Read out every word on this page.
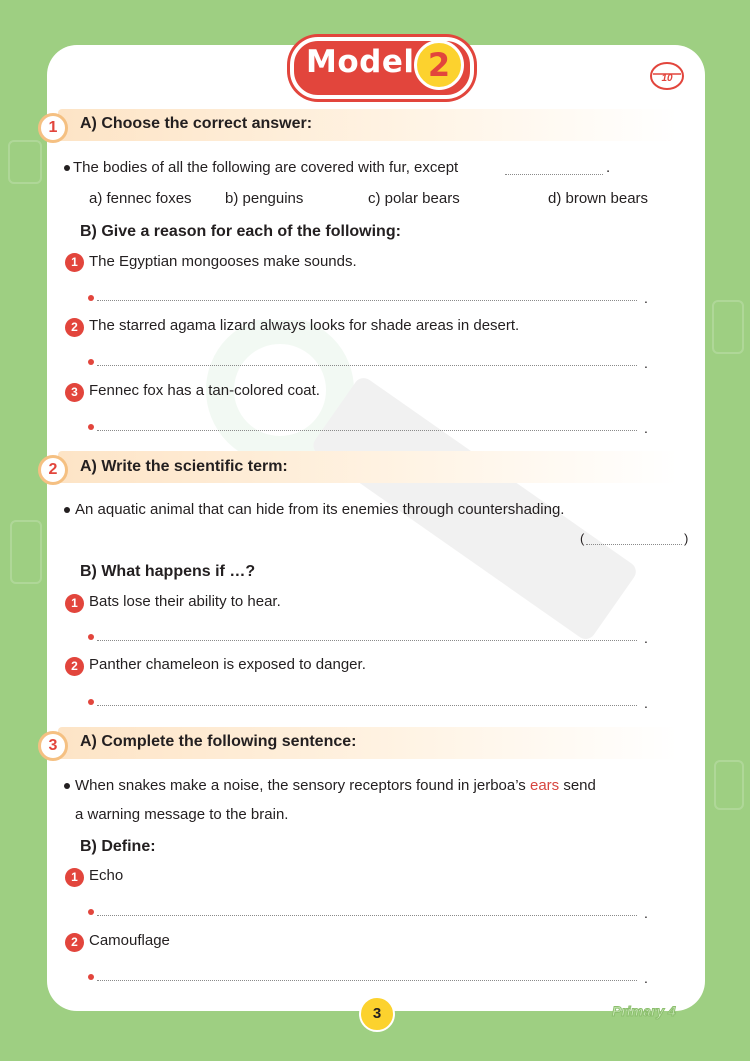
Model 2	10
1	A) Choose the correct answer:
The bodies of all the following are covered with fur, except	.
a) fennec foxes b) penguins	c) polar bears	d) brown bears
B) Give a reason for each of the following:
1 The Egyptian mongooses make sounds.
.
2 The starred agama lizard always looks for shade areas in desert.
.
3 Fennec fox has a tan-colored coat.
.
2	A) Write the scientific term:
An aquatic animal that can hide from its enemies through countershading.
(	)
B) What happens if …?
1 Bats lose their ability to hear.
.
2 Panther chameleon is exposed to danger.
.
3	A) Complete the following sentence:
When snakes make a noise, the sensory receptors found in jerboa’s ears send
a warning message to the brain.
B) Define:
1 Echo
.
2 Camouflage
.
3	Primary 4
